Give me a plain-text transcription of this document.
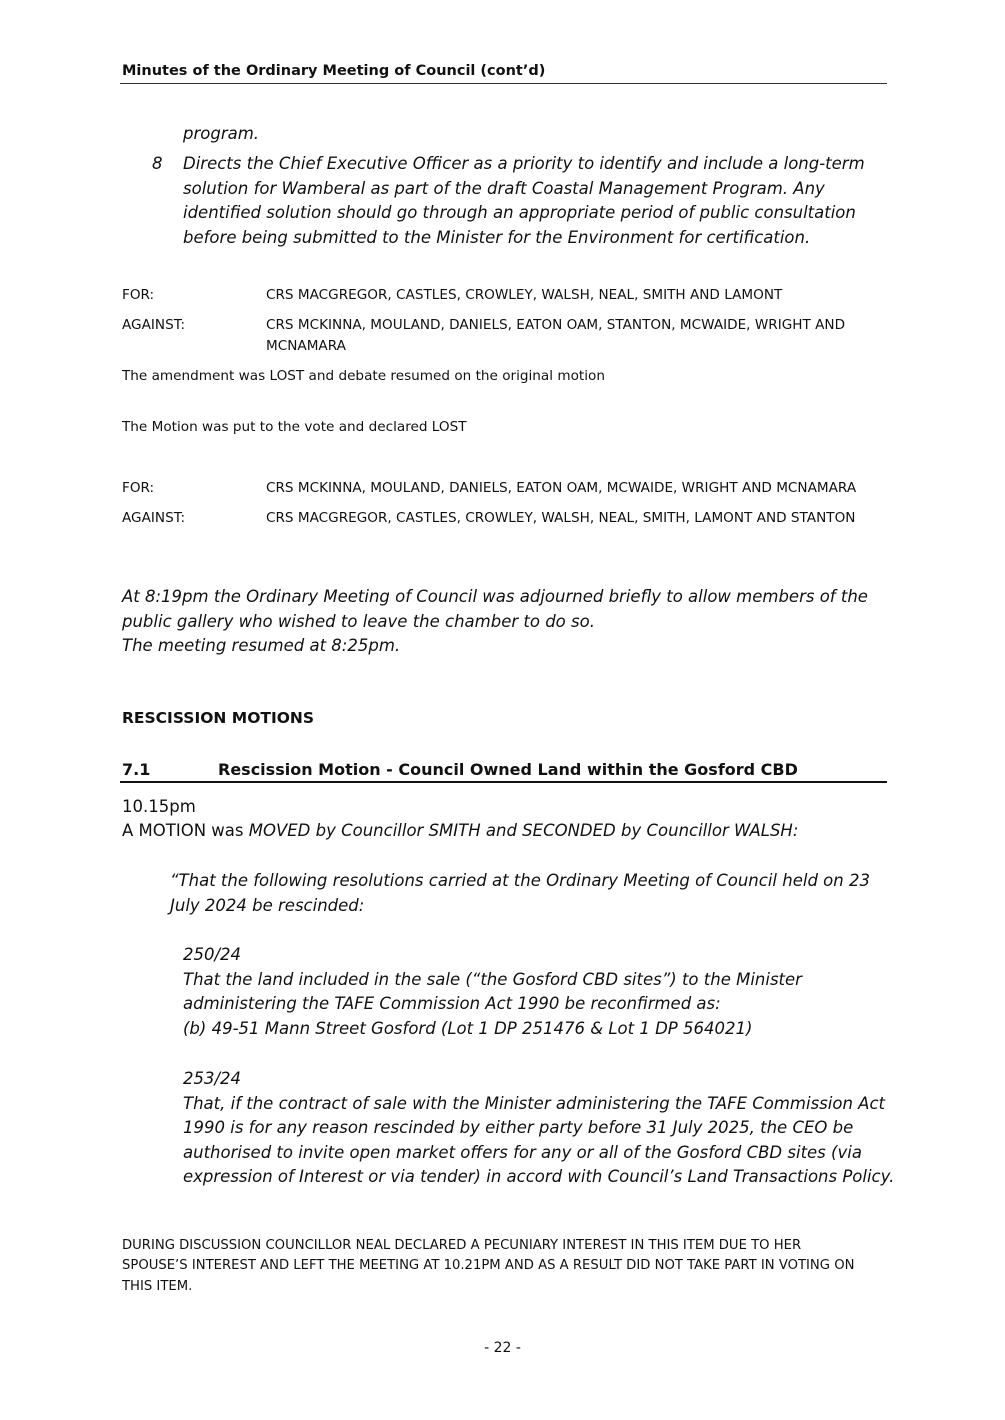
Minutes of the Ordinary Meeting of Council (cont’d)
program.
8 Directs the Chief Executive Officer as a priority to identify and include a long-term
solution for Wamberal as part of the draft Coastal Management Program. Any
identified solution should go through an appropriate period of public consultation
before being submitted to the Minister for the Environment for certification.
FOR:	CRS MACGREGOR, CASTLES, CROWLEY, WALSH, NEAL, SMITH AND LAMONT
AGAINST:	CRS MCKINNA, MOULAND, DANIELS, EATON OAM, STANTON, MCWAIDE, WRIGHT AND
MCNAMARA
The amendment was LOST and debate resumed on the original motion
The Motion was put to the vote and declared LOST
FOR:	CRS MCKINNA, MOULAND, DANIELS, EATON OAM, MCWAIDE, WRIGHT AND MCNAMARA
AGAINST:	CRS MACGREGOR, CASTLES, CROWLEY, WALSH, NEAL, SMITH, LAMONT AND STANTON
At 8:19pm the Ordinary Meeting of Council was adjourned briefly to allow members of the
public gallery who wished to leave the chamber to do so.
The meeting resumed at 8:25pm.
RESCISSION MOTIONS
7.1	Rescission Motion - Council Owned Land within the Gosford CBD
10.15pm
A MOTION was MOVED by Councillor SMITH and SECONDED by Councillor WALSH:
“That the following resolutions carried at the Ordinary Meeting of Council held on 23
July 2024 be rescinded:
250/24
That the land included in the sale (“the Gosford CBD sites”) to the Minister
administering the TAFE Commission Act 1990 be reconfirmed as:
(b) 49-51 Mann Street Gosford (Lot 1 DP 251476 & Lot 1 DP 564021)
253/24
That, if the contract of sale with the Minister administering the TAFE Commission Act
1990 is for any reason rescinded by either party before 31 July 2025, the CEO be
authorised to invite open market offers for any or all of the Gosford CBD sites (via
expression of Interest or via tender) in accord with Council’s Land Transactions Policy.
DURING DISCUSSION COUNCILLOR NEAL DECLARED A PECUNIARY INTEREST IN THIS ITEM DUE TO HER
SPOUSE’S INTEREST AND LEFT THE MEETING AT 10.21PM AND AS A RESULT DID NOT TAKE PART IN VOTING ON
THIS ITEM.
- 22 -
